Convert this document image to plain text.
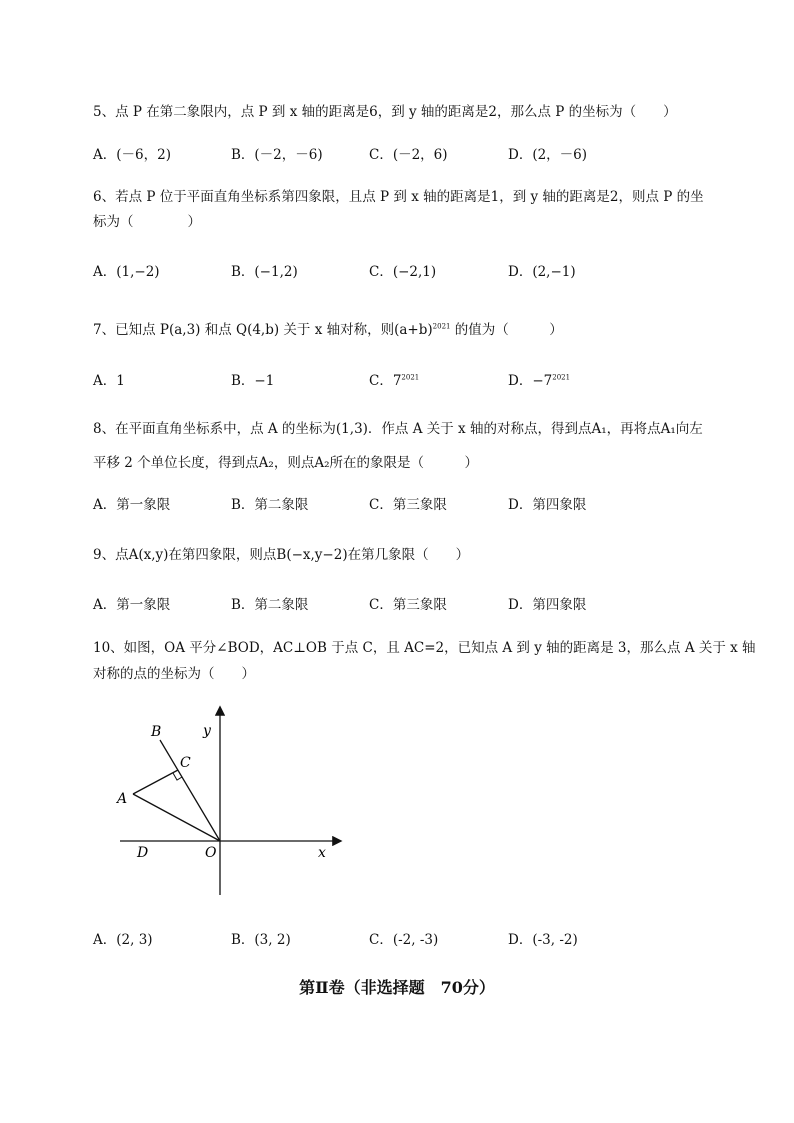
5、点 P 在第二象限内，点 P 到 x 轴的距离是6，到 y 轴的距离是2，那么点 P 的坐标为（　　）
A．(－6，2)	B．(－2，－6)	C．(－2，6)	D．(2，－6)
6、若点 P 位于平面直角坐标系第四象限，且点 P 到 x 轴的距离是1，到 y 轴的距离是2，则点 P 的坐
标为（　　　　）
A．(1,−2)	B．(−1,2)	C．(−2,1)	D．(2,−1)
7、已知点 P(a,3) 和点 Q(4,b) 关于 x 轴对称，则$(a+b)^{2021}$ 的值为（　　　）
A．1	B．−1	C．$7^{2021}$	D．$-7^{2021}$
8、在平面直角坐标系中，点 A 的坐标为(1,3)．作点 A 关于 x 轴的对称点，得到点A₁，再将点A₁向左
平移 2 个单位长度，得到点A₂，则点A₂所在的象限是（　　　）
A．第一象限	B．第二象限	C．第三象限	D．第四象限
9、点A(x,y)在第四象限，则点B(−x,y−2)在第几象限（　　）
A．第一象限	B．第二象限	C．第三象限	D．第四象限
10、如图，OA 平分∠BOD，AC⊥OB 于点 C，且 AC=2，已知点 A 到 y 轴的距离是 3，那么点 A 关于 x 轴
对称的点的坐标为（　　）
B
C
A
D	O	x
y
A．(2, 3)	B．(3, 2)	C．(-2, -3)	D．(-3, -2)
第Ⅱ卷（非选择题　70分）
